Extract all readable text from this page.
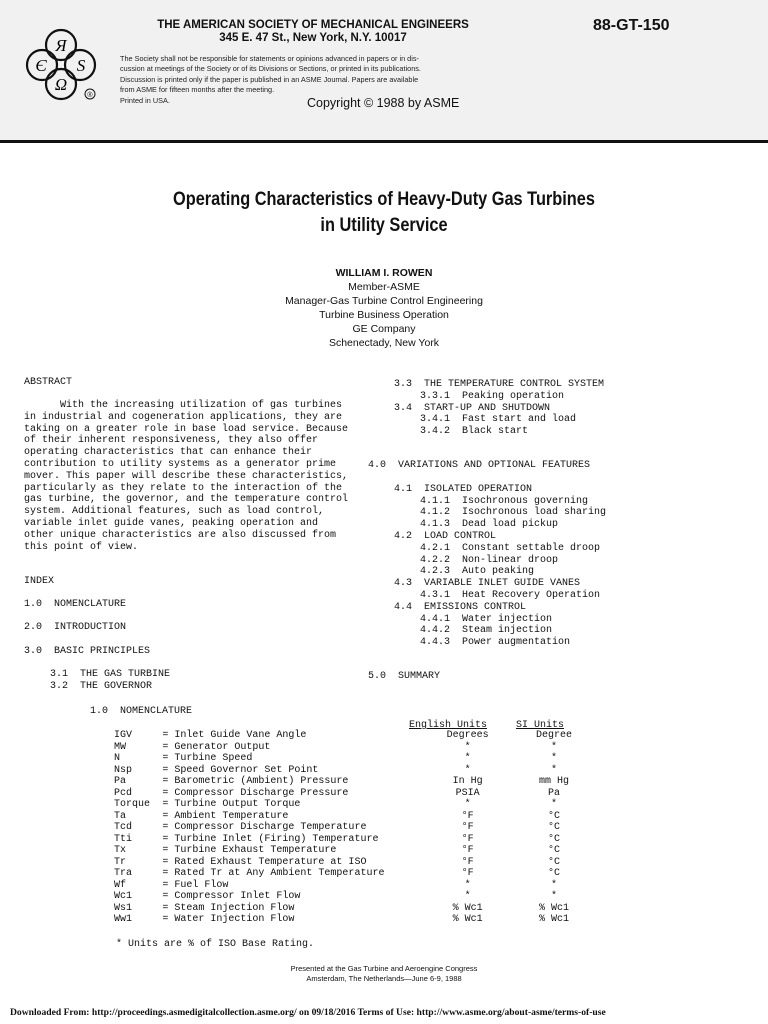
Я
Є S
Ω
®
THE AMERICAN SOCIETY OF MECHANICAL ENGINEERS
345 E. 47 St., New York, N.Y. 10017
88-GT-150
The Society shall not be responsible for statements or opinions advanced in papers or in dis-
cussion at meetings of the Society or of its Divisions or Sections, or printed in its publications.
Discussion is printed only if the paper is published in an ASME Journal. Papers are available
from ASME for fifteen months after the meeting.
Printed in USA.	Copyright © 1988 by ASME
Operating Characteristics of Heavy-Duty Gas Turbines
in Utility Service
WILLIAM I. ROWEN
Member-ASME
Manager-Gas Turbine Control Engineering
Turbine Business Operation
GE Company
Schenectady, New York
ABSTRACT

With the increasing utilization of gas turbines in industrial and cogeneration applications, they are taking on a greater role in base load service. Because of their inherent responsiveness, they also offer operating characteristics that can enhance their contribution to utility systems as a generator prime mover. This paper will describe these characteristics, particularly as they relate to the interaction of the gas turbine, the governor, and the temperature control system. Additional features, such as load control, variable inlet guide vanes, peaking operation and other unique characteristics are also discussed from this point of view.

INDEX
1.0  NOMENCLATURE
2.0  INTRODUCTION
3.0  BASIC PRINCIPLES
3.1  THE GAS TURBINE
3.2  THE GOVERNOR
3.3  THE TEMPERATURE CONTROL SYSTEM
3.3.1  Peaking operation
3.4  START-UP AND SHUTDOWN
3.4.1  Fast start and load
3.4.2  Black start
4.0  VARIATIONS AND OPTIONAL FEATURES
4.1  ISOLATED OPERATION
4.1.1  Isochronous governing
4.1.2  Isochronous load sharing
4.1.3  Dead load pickup
4.2  LOAD CONTROL
4.2.1  Constant settable droop
4.2.2  Non-linear droop
4.2.3  Auto peaking
4.3  VARIABLE INLET GUIDE VANES
4.3.1  Heat Recovery Operation
4.4  EMISSIONS CONTROL
4.4.1  Water injection
4.4.2  Steam injection
4.4.3  Power augmentation
5.0  SUMMARY
1.0  NOMENCLATURE
English Units	SI Units
IGV	= Inlet Guide Vane Angle	Degrees	Degree
MW	= Generator Output	*	*
N	= Turbine Speed	*	*
Nsp	= Speed Governor Set Point	*	*
Pa	= Barometric (Ambient) Pressure	In Hg	mm Hg
Pcd	= Compressor Discharge Pressure	PSIA	Pa
Torque	= Turbine Output Torque	*	*
Ta	= Ambient Temperature	°F	°C
Tcd	= Compressor Discharge Temperature	°F	°C
Tti	= Turbine Inlet (Firing) Temperature	°F	°C
Tx	= Turbine Exhaust Temperature	°F	°C
Tr	= Rated Exhaust Temperature at ISO	°F	°C
Tra	= Rated Tr at Any Ambient Temperature	°F	°C
Wf	= Fuel Flow	*	*
Wc1	= Compressor Inlet Flow	*	*
Ws1	= Steam Injection Flow	% Wc1	% Wc1
Ww1	= Water Injection Flow	% Wc1	% Wc1
* Units are % of ISO Base Rating.
Presented at the Gas Turbine and Aeroengine Congress
Amsterdam, The Netherlands—June 6-9, 1988
Downloaded From: http://proceedings.asmedigitalcollection.asme.org/ on 09/18/2016 Terms of Use: http://www.asme.org/about-asme/terms-of-use
